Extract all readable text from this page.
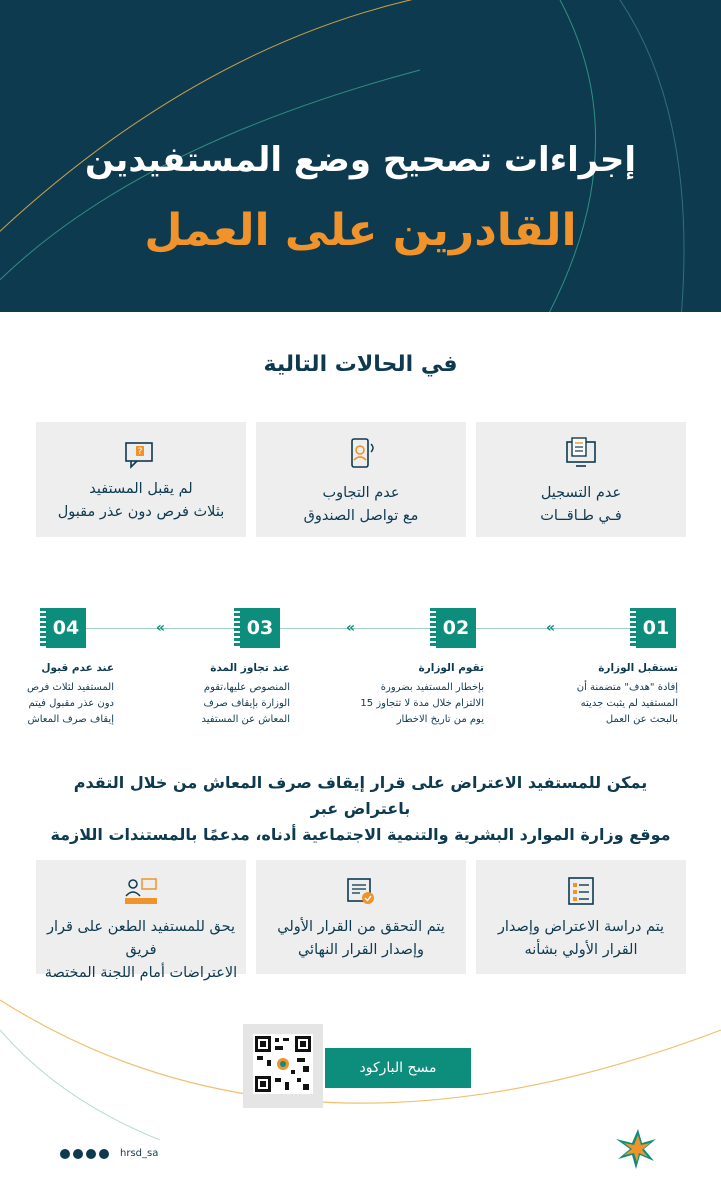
إجراءات تصحيح وضع المستفيدين
القادرين على العمل
في الحالات التالية
عدم التسجيل
فـي طـاقــات
عدم التجاوب
مع تواصل الصندوق
?
لم يقبل المستفيد
بثلاث فرص دون عذر مقبول
01
02
03
04	«
«
«
تستقبل الوزارة
إفادة "هدف" متضمنة أن
المستفيد لم يثبت جديته
بالبحث عن العمل
تقوم الوزارة
بإخطار المستفيد بضرورة
الالتزام خلال مدة لا تتجاوز 15
يوم من تاريخ الاخطار
عند تجاوز المدة
المنصوص عليها،تقوم
الوزارة بإيقاف صرف
المعاش عن المستفيد
عند عدم قبول
المستفيد لثلاث فرص
دون عذر مقبول فيتم
إيقاف صرف المعاش
يمكن للمستفيد الاعتراض على قرار إيقاف صرف المعاش من خلال التقدم باعتراض عبر
موقع وزارة الموارد البشرية والتنمية الاجتماعية أدناه، مدعمًا بالمستندات اللازمة
يتم دراسة الاعتراض وإصدار
القرار الأولي بشأنه
يتم التحقق من القرار الأولي
وإصدار القرار النهائي
يحق للمستفيد الطعن على قرار فريق
الاعتراضات أمام اللجنة المختصة
مسح الباركود
hrsd_sa
